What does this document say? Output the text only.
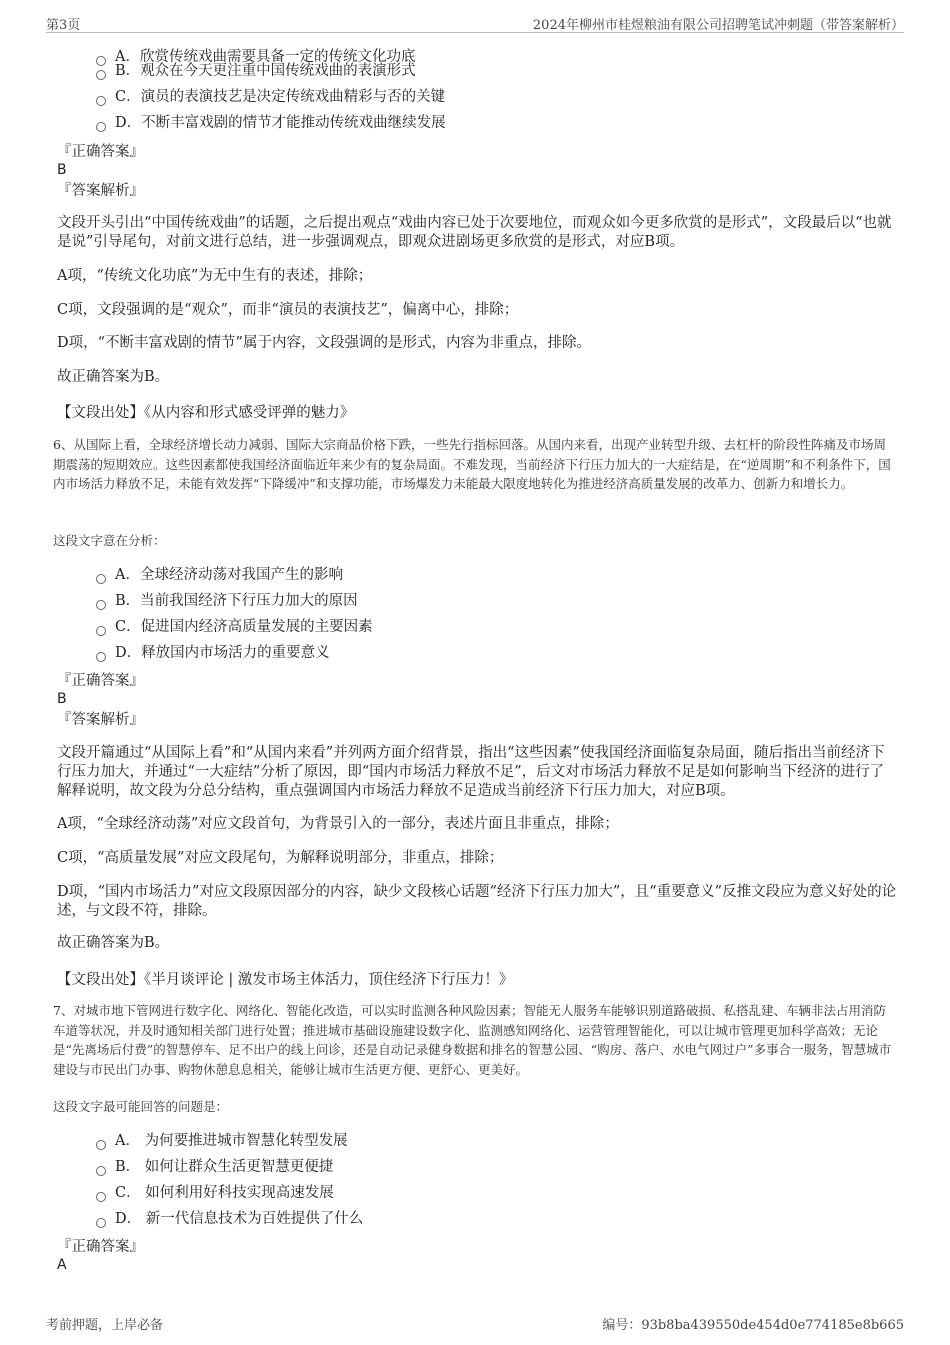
第3页	2024年柳州市桂煜粮油有限公司招聘笔试冲刺题（带答案解析）
A．欣赏传统戏曲需要具备一定的传统文化功底
B．观众在今天更注重中国传统戏曲的表演形式
C．演员的表演技艺是决定传统戏曲精彩与否的关键
D．不断丰富戏剧的情节才能推动传统戏曲继续发展
『正确答案』
B
『答案解析』
文段开头引出“中国传统戏曲”的话题，之后提出观点“戏曲内容已处于次要地位，而观众如今更多欣赏的是形式”，文段最后以“也就是说”引导尾句，对前文进行总结，进一步强调观点，即观众进剧场更多欣赏的是形式，对应B项。
A项，“传统文化功底”为无中生有的表述，排除；
C项，文段强调的是“观众”，而非“演员的表演技艺”，偏离中心，排除；
D项，“不断丰富戏剧的情节”属于内容，文段强调的是形式，内容为非重点，排除。
故正确答案为B。
【文段出处】《从内容和形式感受评弹的魅力》
6、从国际上看，全球经济增长动力减弱、国际大宗商品价格下跌，一些先行指标回落。从国内来看，出现产业转型升级、去杠杆的阶段性阵痛及市场周期震荡的短期效应。这些因素都使我国经济面临近年来少有的复杂局面。不难发现，当前经济下行压力加大的一大症结是，在“逆周期”和不利条件下，国内市场活力释放不足，未能有效发挥“下降缓冲”和支撑功能，市场爆发力未能最大限度地转化为推进经济高质量发展的改革力、创新力和增长力。
这段文字意在分析：
A．全球经济动荡对我国产生的影响
B．当前我国经济下行压力加大的原因
C．促进国内经济高质量发展的主要因素
D．释放国内市场活力的重要意义
『正确答案』
B
『答案解析』
文段开篇通过“从国际上看”和“从国内来看”并列两方面介绍背景，指出“这些因素”使我国经济面临复杂局面，随后指出当前经济下行压力加大，并通过“一大症结”分析了原因，即“国内市场活力释放不足”，后文对市场活力释放不足是如何影响当下经济的进行了解释说明，故文段为分总分结构，重点强调国内市场活力释放不足造成当前经济下行压力加大，对应B项。
A项，“全球经济动荡”对应文段首句，为背景引入的一部分，表述片面且非重点，排除；
C项，“高质量发展”对应文段尾句，为解释说明部分，非重点，排除；
D项，“国内市场活力”对应文段原因部分的内容，缺少文段核心话题“经济下行压力加大”，且“重要意义”反推文段应为意义好处的论述，与文段不符，排除。
故正确答案为B。
【文段出处】《半月谈评论 | 激发市场主体活力，顶住经济下行压力！》
7、对城市地下管网进行数字化、网络化、智能化改造，可以实时监测各种风险因素；智能无人服务车能够识别道路破损、私搭乱建、车辆非法占用消防车道等状况，并及时通知相关部门进行处置；推进城市基础设施建设数字化、监测感知网络化、运营管理智能化，可以让城市管理更加科学高效；无论是“先离场后付费”的智慧停车、足不出户的线上问诊，还是自动记录健身数据和排名的智慧公园、“购房、落户、水电气网过户”多事合一服务，智慧城市建设与市民出门办事、购物休憩息息相关，能够让城市生活更方便、更舒心、更美好。
这段文字最可能回答的问题是：
A． 为何要推进城市智慧化转型发展
B． 如何让群众生活更智慧更便捷
C． 如何利用好科技实现高速发展
D． 新一代信息技术为百姓提供了什么
『正确答案』
A
考前押题，上岸必备	编号：93b8ba439550de454d0e774185e8b665
